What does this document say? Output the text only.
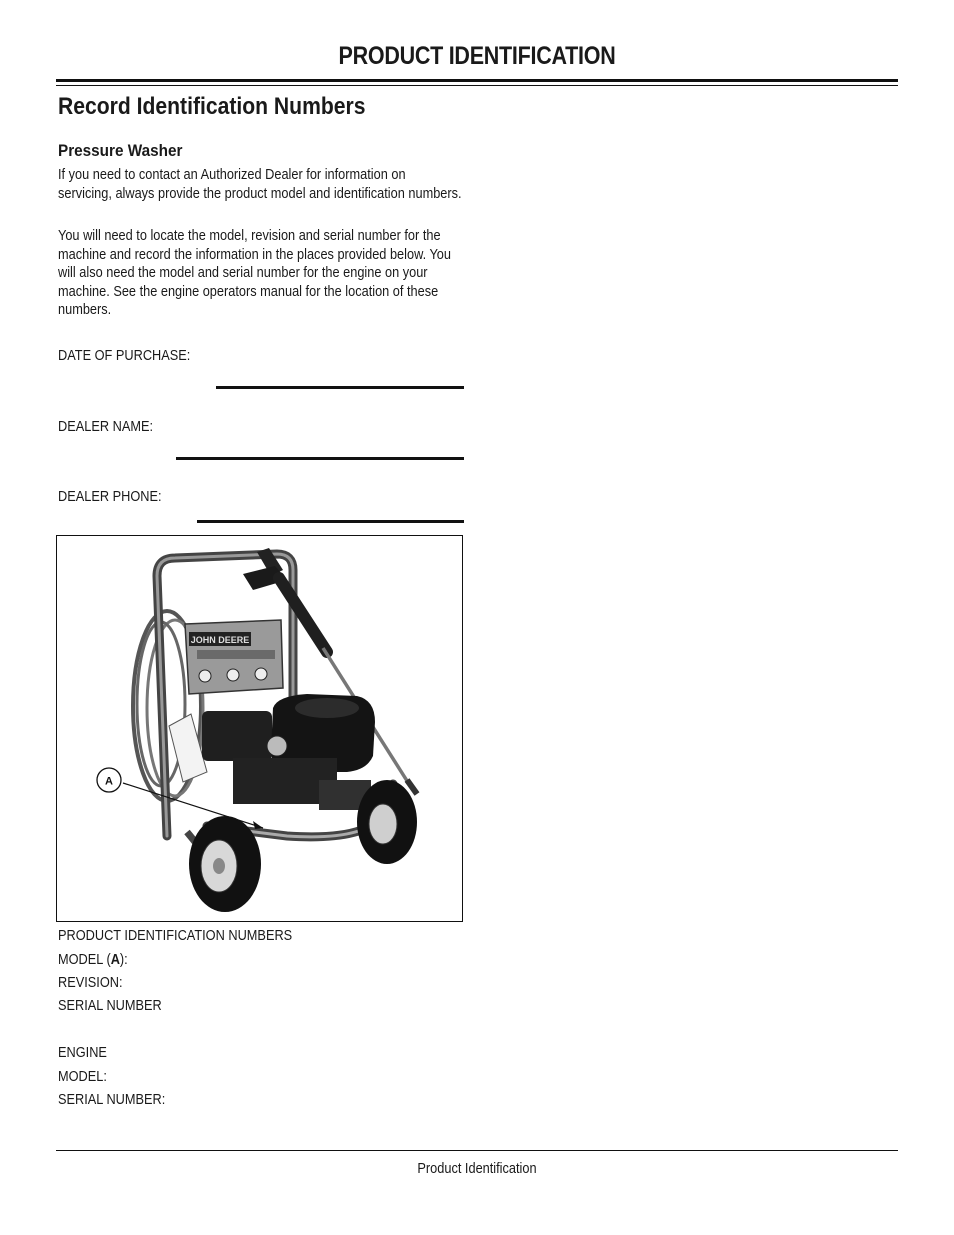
PRODUCT IDENTIFICATION
Record Identification Numbers
Pressure Washer

If you need to contact an Authorized Dealer for information on servicing, always provide the product model and identification numbers.

You will need to locate the model, revision and serial number for the machine and record the information in the places provided below. You will also need the model and serial number for the engine on your machine. See the engine operators manual for the location of these numbers.

DATE OF PURCHASE:
DEALER NAME:
DEALER PHONE:
JOHN DEERE
A
PRODUCT IDENTIFICATION NUMBERS
MODEL (A):
REVISION:
SERIAL NUMBER
ENGINE
MODEL:
SERIAL NUMBER:
Product Identification
